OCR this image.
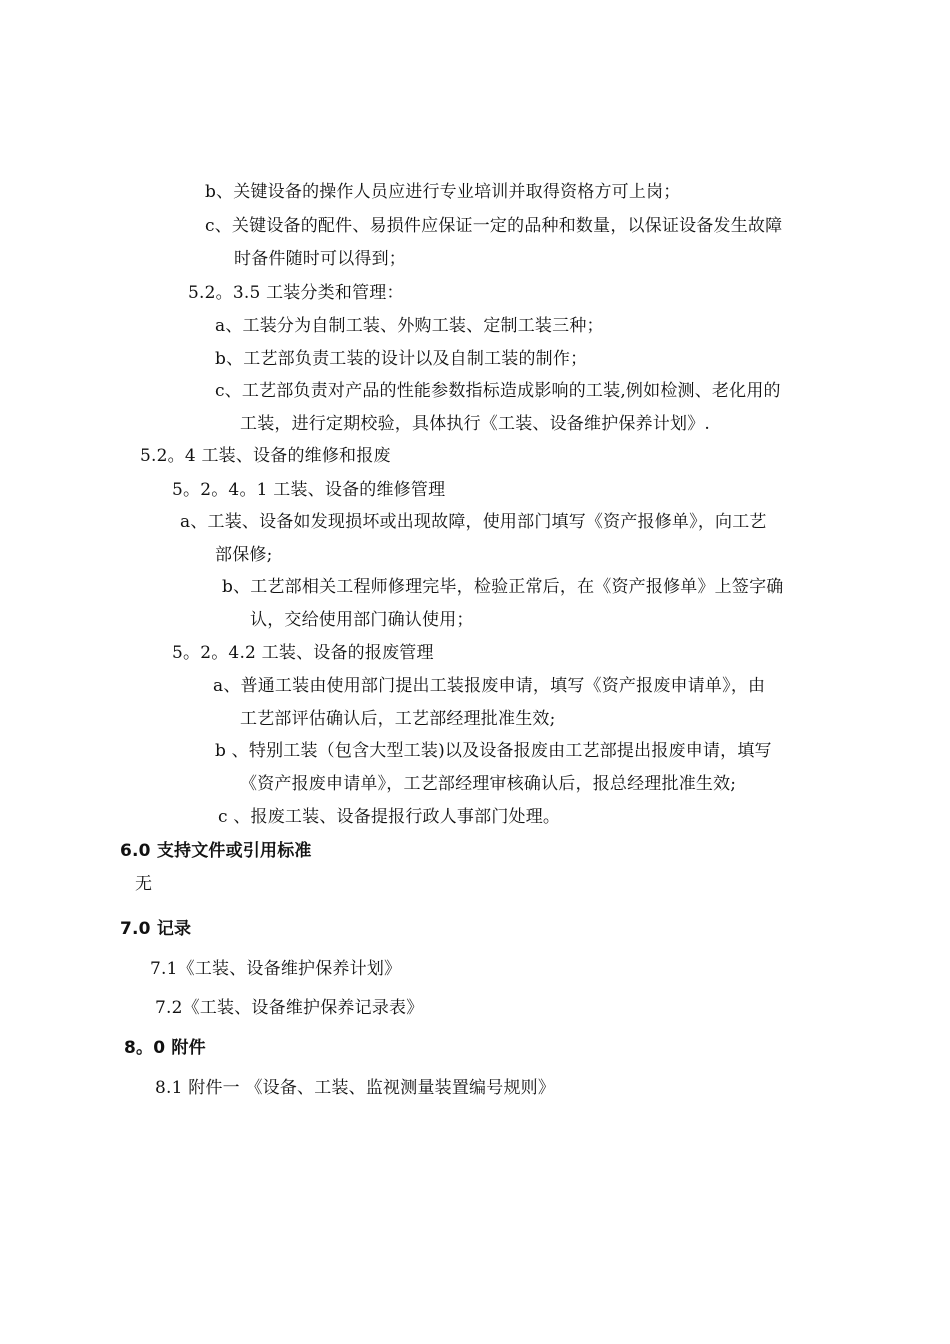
b、关键设备的操作人员应进行专业培训并取得资格方可上岗；
c、关键设备的配件、易损件应保证一定的品种和数量，以保证设备发生故障
时备件随时可以得到；
5.2。3.5 工装分类和管理：
a、工装分为自制工装、外购工装、定制工装三种；
b、工艺部负责工装的设计以及自制工装的制作；
c、工艺部负责对产品的性能参数指标造成影响的工装,例如检测、老化用的
工装，进行定期校验，具体执行《工装、设备维护保养计划》.
5.2。4 工装、设备的维修和报废
5。2。4。1 工装、设备的维修管理
a、工装、设备如发现损坏或出现故障，使用部门填写《资产报修单》，向工艺
部保修;
b、工艺部相关工程师修理完毕，检验正常后，在《资产报修单》上签字确
认，交给使用部门确认使用；
5。2。4.2 工装、设备的报废管理
a、普通工装由使用部门提出工装报废申请，填写《资产报废申请单》，由
工艺部评估确认后，工艺部经理批准生效;
b 、特别工装（包含大型工装)以及设备报废由工艺部提出报废申请，填写
《资产报废申请单》，工艺部经理审核确认后，报总经理批准生效;
c 、报废工装、设备提报行政人事部门处理。
6.0 支持文件或引用标准
无
7.0 记录
7.1《工装、设备维护保养计划》
7.2《工装、设备维护保养记录表》
8。0 附件
8.1 附件一 《设备、工装、监视测量装置编号规则》
